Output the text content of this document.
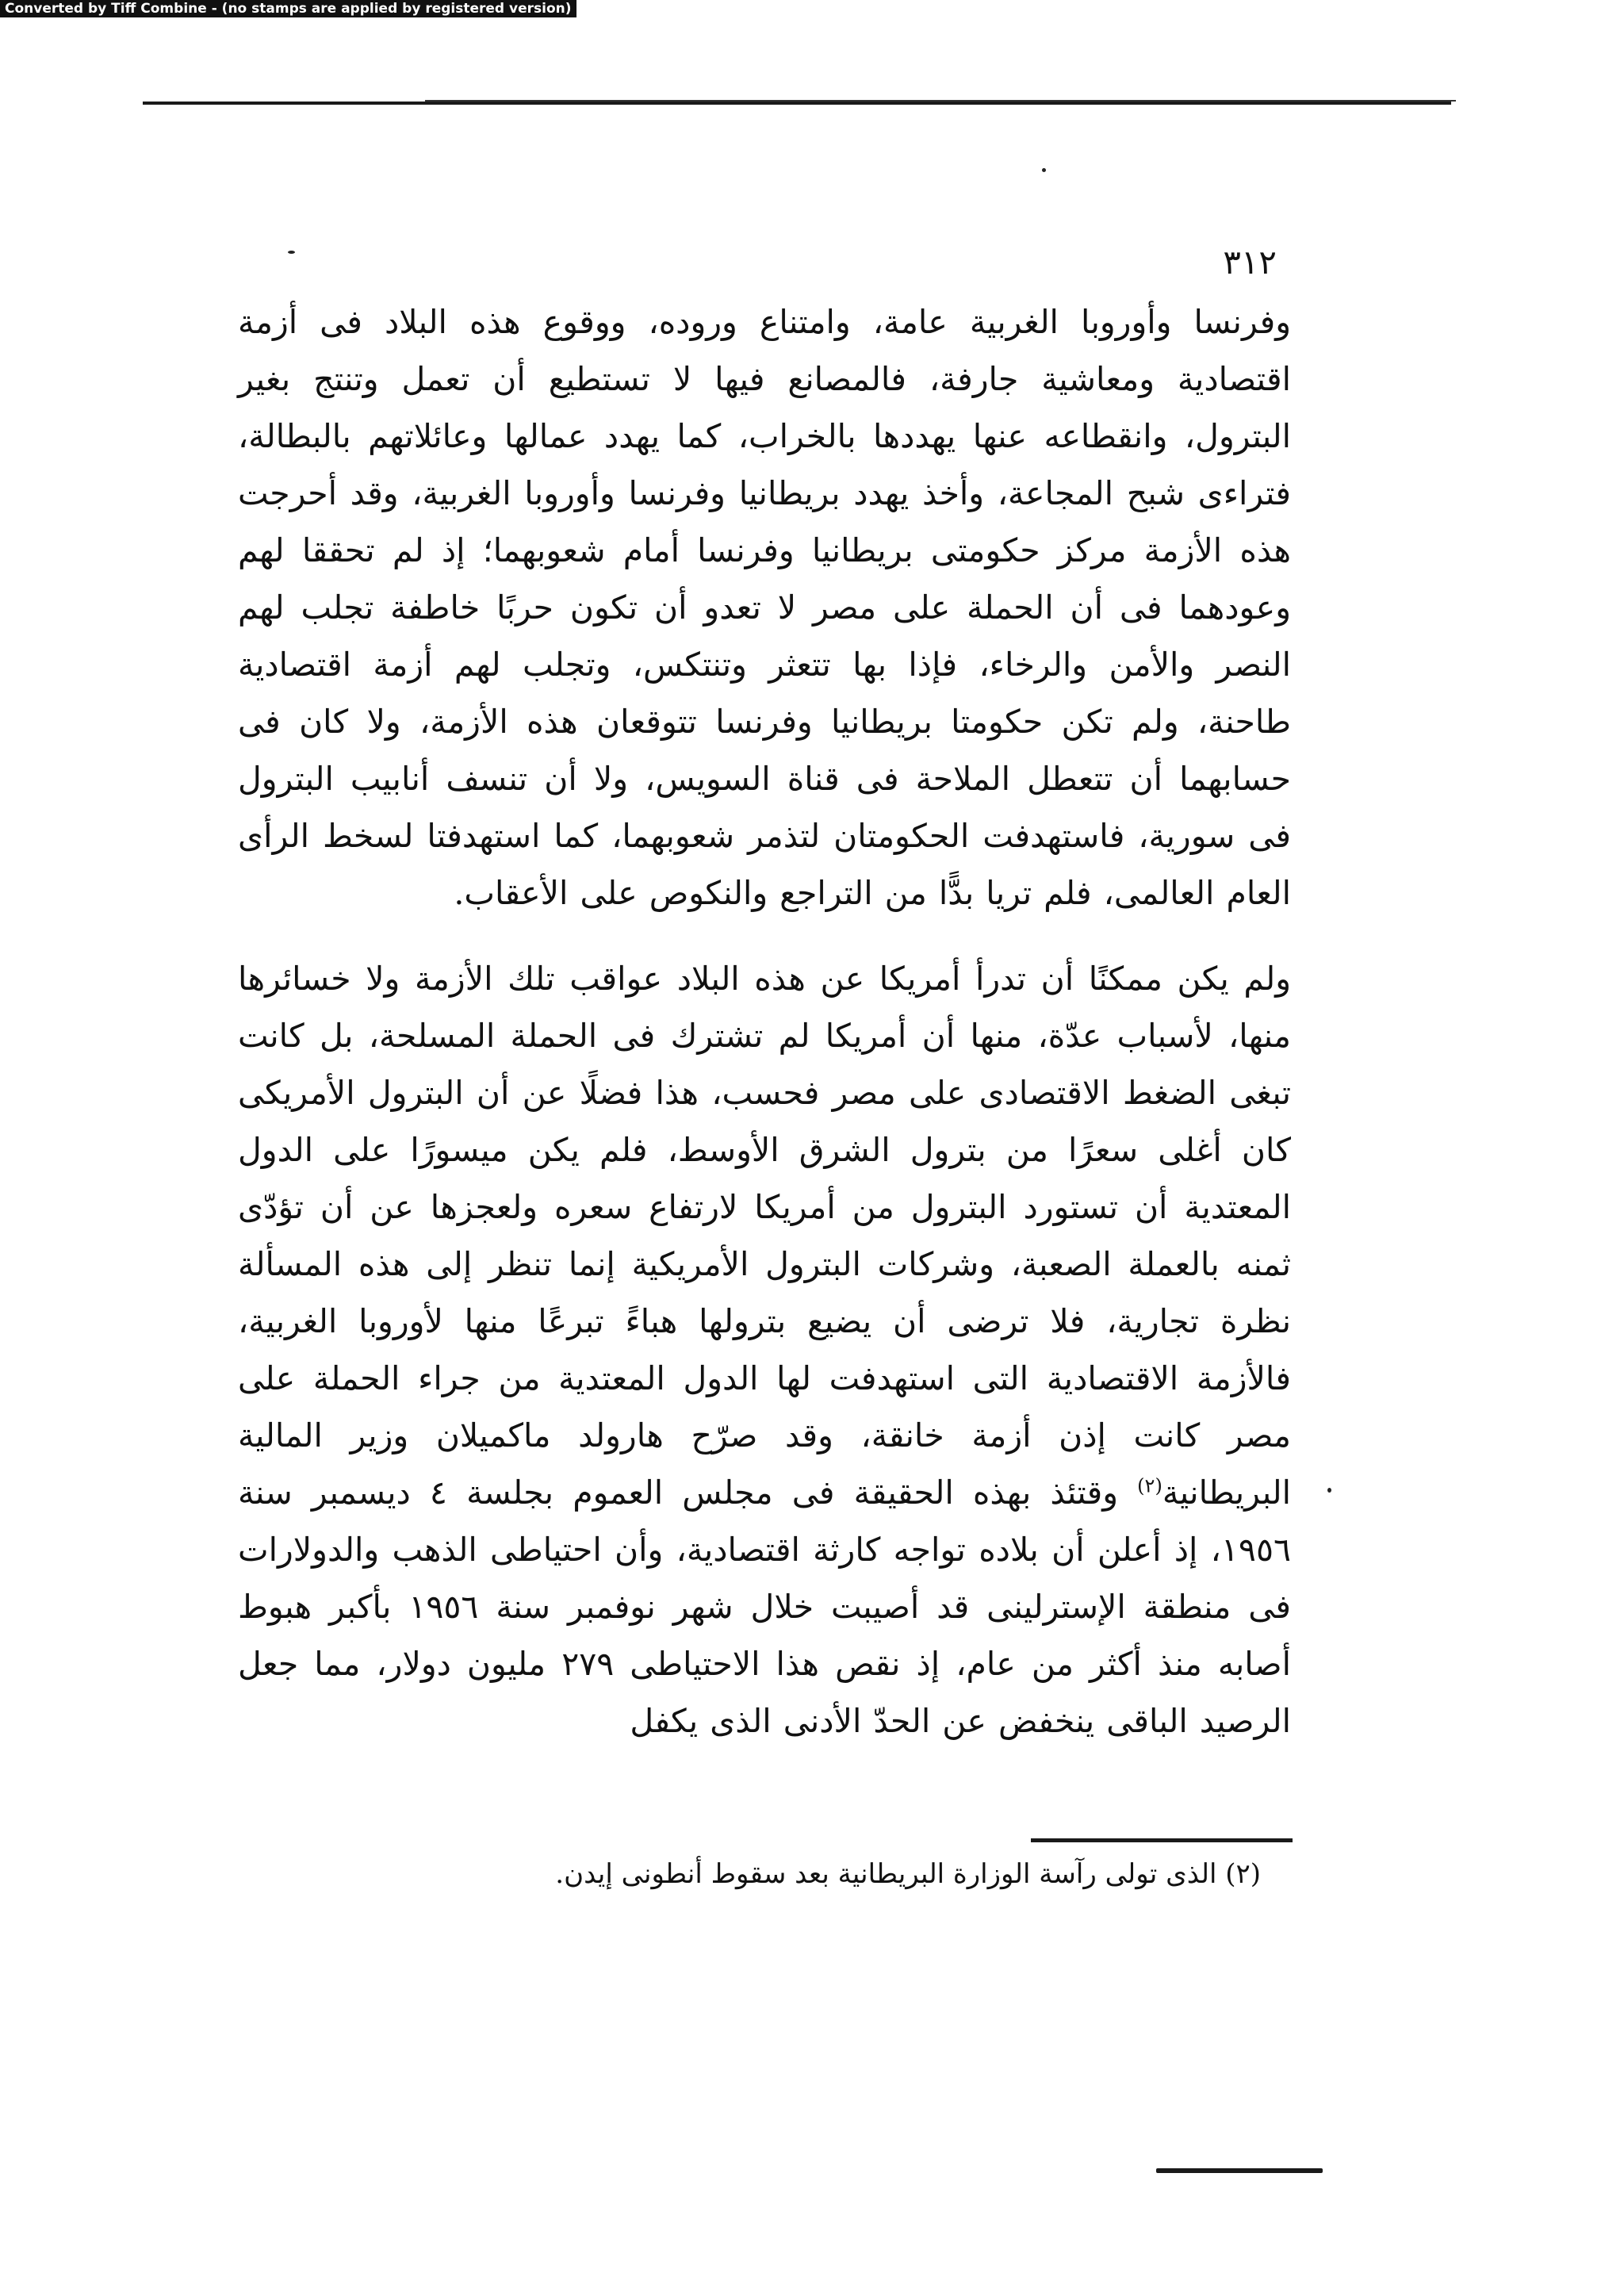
Converted by Tiff Combine - (no stamps are applied by registered version)
٣١٢

وفرنسا وأوروبا الغربية عامة، وامتناع وروده، ووقوع هذه البلاد فى أزمة اقتصادية ومعاشية جارفة، فالمصانع فيها لا تستطيع أن تعمل وتنتج بغير البترول، وانقطاعه عنها يهددها بالخراب، كما يهدد عمالها وعائلاتهم بالبطالة، فتراءى شبح المجاعة، وأخذ يهدد بريطانيا وفرنسا وأوروبا الغربية، وقد أحرجت هذه الأزمة مركز حكومتى بريطانيا وفرنسا أمام شعوبهما؛ إذ لم تحققا لهم وعودهما فى أن الحملة على مصر لا تعدو أن تكون حربًا خاطفة تجلب لهم النصر والأمن والرخاء، فإذا بها تتعثر وتنتكس، وتجلب لهم أزمة اقتصادية طاحنة، ولم تكن حكومتا بريطانيا وفرنسا تتوقعان هذه الأزمة، ولا كان فى حسابهما أن تتعطل الملاحة فى قناة السويس، ولا أن تنسف أنابيب البترول فى سورية، فاستهدفت الحكومتان لتذمر شعوبهما، كما استهدفتا لسخط الرأى العام العالمى، فلم تريا بدًّا من التراجع والنكوص على الأعقاب.

ولم يكن ممكنًا أن تدرأ أمريكا عن هذه البلاد عواقب تلك الأزمة ولا خسائرها منها، لأسباب عدّة، منها أن أمريكا لم تشترك فى الحملة المسلحة، بل كانت تبغى الضغط الاقتصادى على مصر فحسب، هذا فضلًا عن أن البترول الأمريكى كان أغلى سعرًا من بترول الشرق الأوسط، فلم يكن ميسورًا على الدول المعتدية أن تستورد البترول من أمريكا لارتفاع سعره ولعجزها عن أن تؤدّى ثمنه بالعملة الصعبة، وشركات البترول الأمريكية إنما تنظر إلى هذه المسألة نظرة تجارية، فلا ترضى أن يضيع بترولها هباءً تبرعًا منها لأوروبا الغربية، فالأزمة الاقتصادية التى استهدفت لها الدول المعتدية من جراء الحملة على مصر كانت إذن أزمة خانقة، وقد صرّح هارولد ماكميلان وزير المالية البريطانية$^{(٢)}$ وقتئذ بهذه الحقيقة فى مجلس العموم بجلسة ٤ ديسمبر سنة ١٩٥٦، إذ أعلن أن بلاده تواجه كارثة اقتصادية، وأن احتياطى الذهب والدولارات فى منطقة الإسترلينى قد أصيبت خلال شهر نوفمبر سنة ١٩٥٦ بأكبر هبوط أصابه منذ أكثر من عام، إذ نقص هذا الاحتياطى ٢٧٩ مليون دولار، مما جعل الرصيد الباقى ينخفض عن الحدّ الأدنى الذى يكفل

(٢) الذى تولى رآسة الوزارة البريطانية بعد سقوط أنطونى إيدن.
